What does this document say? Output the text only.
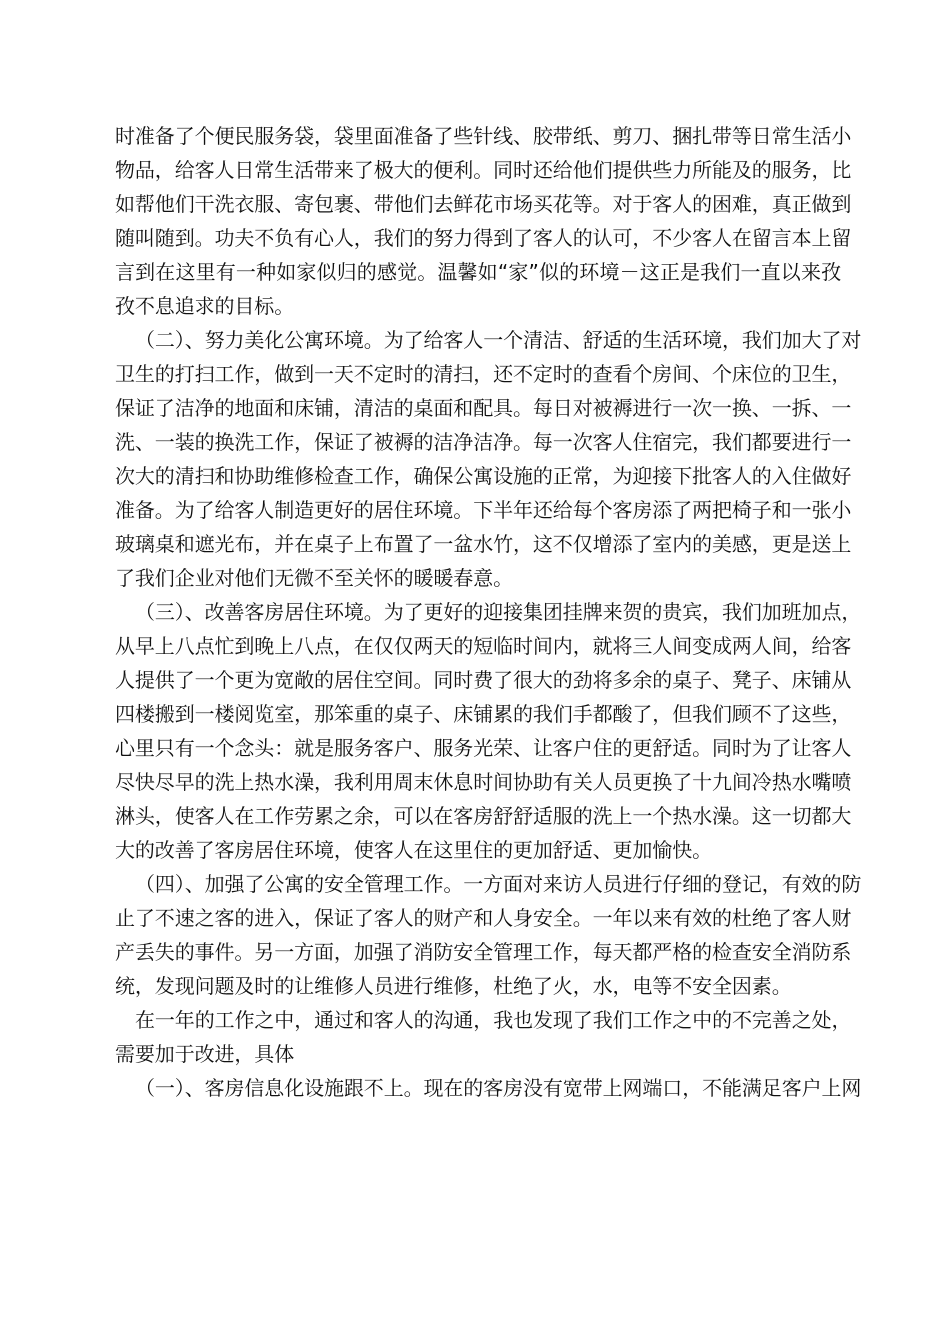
时准备了个便民服务袋，袋里面准备了些针线、胶带纸、剪刀、捆扎带等日常生活小
物品，给客人日常生活带来了极大的便利。同时还给他们提供些力所能及的服务，比
如帮他们干洗衣服、寄包裹、带他们去鲜花市场买花等。对于客人的困难，真正做到
随叫随到。功夫不负有心人，我们的努力得到了客人的认可，不少客人在留言本上留
言到在这里有一种如家似归的感觉。温馨如“家”似的环境－这正是我们一直以来孜
孜不息追求的目标。
（二）、努力美化公寓环境。为了给客人一个清洁、舒适的生活环境，我们加大了对
卫生的打扫工作，做到一天不定时的清扫，还不定时的查看个房间、个床位的卫生，
保证了洁净的地面和床铺，清洁的桌面和配具。每日对被褥进行一次一换、一拆、一
洗、一装的换洗工作，保证了被褥的洁净洁净。每一次客人住宿完，我们都要进行一
次大的清扫和协助维修检查工作，确保公寓设施的正常，为迎接下批客人的入住做好
准备。为了给客人制造更好的居住环境。下半年还给每个客房添了两把椅子和一张小
玻璃桌和遮光布，并在桌子上布置了一盆水竹，这不仅增添了室内的美感，更是送上
了我们企业对他们无微不至关怀的暖暖春意。
（三）、改善客房居住环境。为了更好的迎接集团挂牌来贺的贵宾，我们加班加点，
从早上八点忙到晚上八点，在仅仅两天的短临时间内，就将三人间变成两人间，给客
人提供了一个更为宽敞的居住空间。同时费了很大的劲将多余的桌子、凳子、床铺从
四楼搬到一楼阅览室，那笨重的桌子、床铺累的我们手都酸了，但我们顾不了这些，
心里只有一个念头：就是服务客户、服务光荣、让客户住的更舒适。同时为了让客人
尽快尽早的洗上热水澡，我利用周末休息时间协助有关人员更换了十九间冷热水嘴喷
淋头，使客人在工作劳累之余，可以在客房舒舒适服的洗上一个热水澡。这一切都大
大的改善了客房居住环境，使客人在这里住的更加舒适、更加愉快。
（四）、加强了公寓的安全管理工作。一方面对来访人员进行仔细的登记，有效的防
止了不速之客的进入，保证了客人的财产和人身安全。一年以来有效的杜绝了客人财
产丢失的事件。另一方面，加强了消防安全管理工作，每天都严格的检查安全消防系
统，发现问题及时的让维修人员进行维修，杜绝了火，水，电等不安全因素。
在一年的工作之中，通过和客人的沟通，我也发现了我们工作之中的不完善之处，
需要加于改进，具体
（一）、客房信息化设施跟不上。现在的客房没有宽带上网端口，不能满足客户上网
